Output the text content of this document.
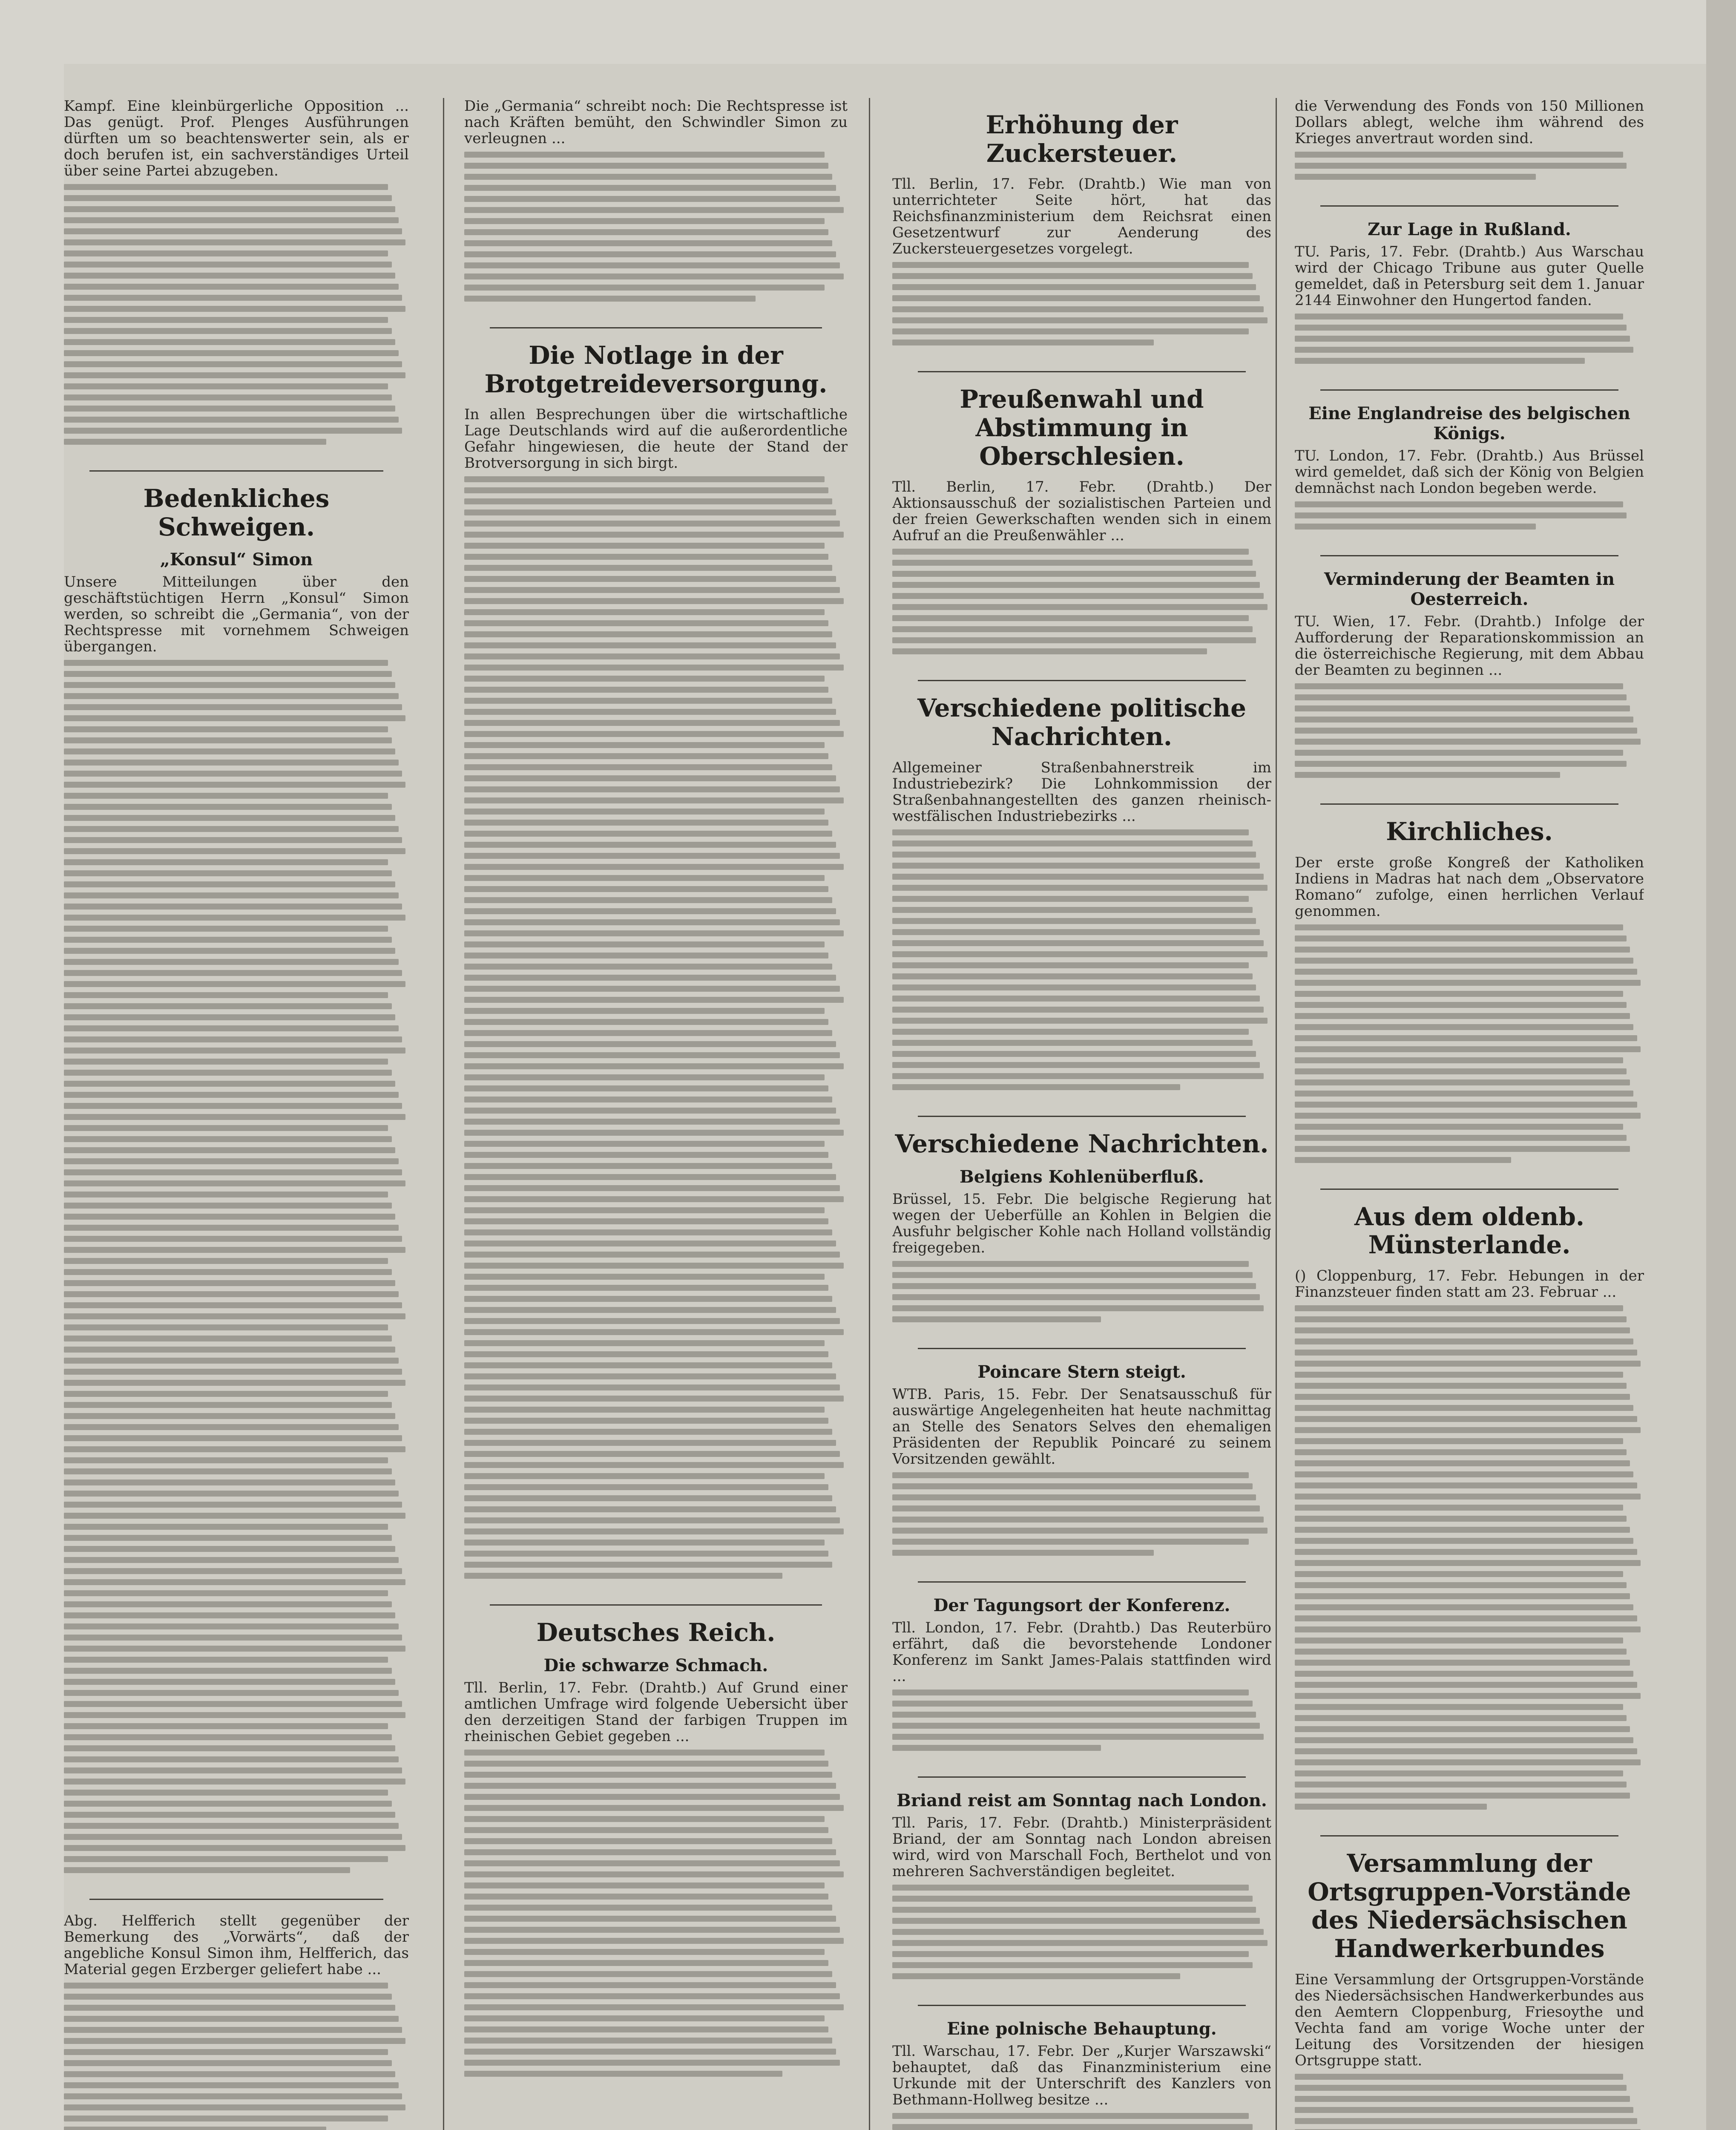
Kampf. Eine kleinbürgerliche Opposition ... Das genügt. Prof. Plenges Ausführungen dürften um so beachtenswerter sein, als er doch berufen ist, ein sachverständiges Urteil über seine Partei abzugeben.
Bedenkliches Schweigen.
„Konsul“ Simon
Unsere Mitteilungen über den geschäftstüchtigen Herrn „Konsul“ Simon werden, so schreibt die „Germania“, von der Rechtspresse mit vornehmem Schweigen übergangen.
Abg. Helfferich stellt gegenüber der Bemerkung des „Vorwärts“, daß der angebliche Konsul Simon ihm, Helfferich, das Material gegen Erzberger geliefert habe ...
Die „Germania“ schreibt noch: Die Rechtspresse ist nach Kräften bemüht, den Schwindler Simon zu verleugnen ...
Die Notlage in der Brotgetreideversorgung.
In allen Besprechungen über die wirtschaftliche Lage Deutschlands wird auf die außerordentliche Gefahr hingewiesen, die heute der Stand der Brotversorgung in sich birgt.
Deutsches Reich.
Die schwarze Schmach.
Tll. Berlin, 17. Febr. (Drahtb.) Auf Grund einer amtlichen Umfrage wird folgende Uebersicht über den derzeitigen Stand der farbigen Truppen im rheinischen Gebiet gegeben ...
Erhöhung der Zuckersteuer.
Tll. Berlin, 17. Febr. (Drahtb.) Wie man von unterrichteter Seite hört, hat das Reichsfinanzministerium dem Reichsrat einen Gesetzentwurf zur Aenderung des Zuckersteuergesetzes vorgelegt.
Preußenwahl und Abstimmung in Oberschlesien.
Tll. Berlin, 17. Febr. (Drahtb.) Der Aktionsausschuß der sozialistischen Parteien und der freien Gewerkschaften wenden sich in einem Aufruf an die Preußenwähler ...
Verschiedene politische Nachrichten.
Allgemeiner Straßenbahnerstreik im Industriebezirk? Die Lohnkommission der Straßenbahnangestellten des ganzen rheinisch-westfälischen Industriebezirks ...
Verschiedene Nachrichten.
Belgiens Kohlenüberfluß.
Brüssel, 15. Febr. Die belgische Regierung hat wegen der Ueberfülle an Kohlen in Belgien die Ausfuhr belgischer Kohle nach Holland vollständig freigegeben.
Poincare Stern steigt.
WTB. Paris, 15. Febr. Der Senatsausschuß für auswärtige Angelegenheiten hat heute nachmittag an Stelle des Senators Selves den ehemaligen Präsidenten der Republik Poincaré zu seinem Vorsitzenden gewählt.
Der Tagungsort der Konferenz.
Tll. London, 17. Febr. (Drahtb.) Das Reuterbüro erfährt, daß die bevorstehende Londoner Konferenz im Sankt James-Palais stattfinden wird ...
Briand reist am Sonntag nach London.
Tll. Paris, 17. Febr. (Drahtb.) Ministerpräsident Briand, der am Sonntag nach London abreisen wird, wird von Marschall Foch, Berthelot und von mehreren Sachverständigen begleitet.
Eine polnische Behauptung.
Tll. Warschau, 17. Febr. Der „Kurjer Warszawski“ behauptet, daß das Finanzministerium eine Urkunde mit der Unterschrift des Kanzlers von Bethmann-Hollweg besitze ...
die Verwendung des Fonds von 150 Millionen Dollars ablegt, welche ihm während des Krieges anvertraut worden sind.
Zur Lage in Rußland.
TU. Paris, 17. Febr. (Drahtb.) Aus Warschau wird der Chicago Tribune aus guter Quelle gemeldet, daß in Petersburg seit dem 1. Januar 2144 Einwohner den Hungertod fanden.
Eine Englandreise des belgischen Königs.
TU. London, 17. Febr. (Drahtb.) Aus Brüssel wird gemeldet, daß sich der König von Belgien demnächst nach London begeben werde.
Verminderung der Beamten in Oesterreich.
TU. Wien, 17. Febr. (Drahtb.) Infolge der Aufforderung der Reparationskommission an die österreichische Regierung, mit dem Abbau der Beamten zu beginnen ...
Kirchliches.
Der erste große Kongreß der Katholiken Indiens in Madras hat nach dem „Observatore Romano“ zufolge, einen herrlichen Verlauf genommen.
Aus dem oldenb. Münsterlande.
() Cloppenburg, 17. Febr. Hebungen in der Finanzsteuer finden statt am 23. Februar ...
Versammlung der Ortsgruppen-Vorstände des Niedersächsischen Handwerkerbundes
Eine Versammlung der Ortsgruppen-Vorstände des Niedersächsischen Handwerkerbundes aus den Aemtern Cloppenburg, Friesoythe und Vechta fand am vorige Woche unter der Leitung des Vorsitzenden der hiesigen Ortsgruppe statt.
